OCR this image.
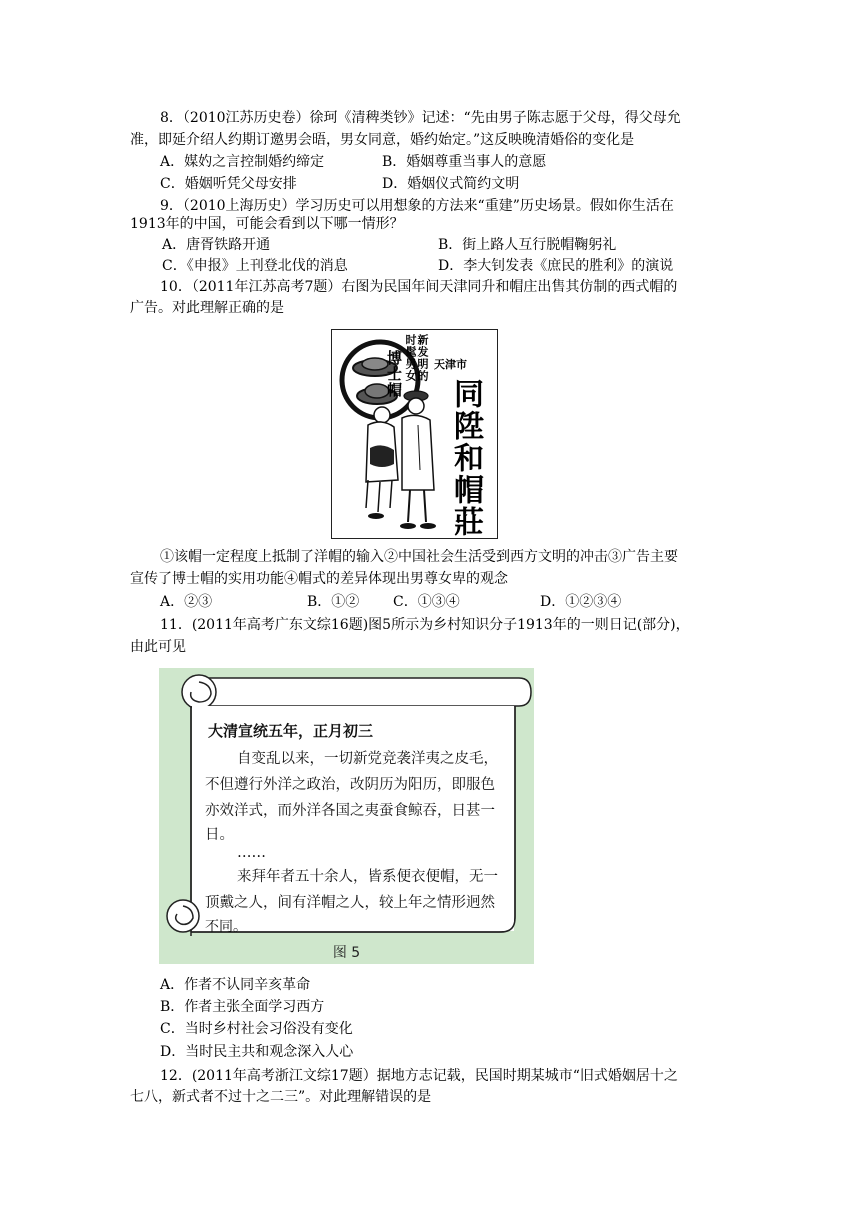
8．（2010江苏历史卷）徐珂《清稗类钞》记述：“先由男子陈志愿于父母，得父母允
准，即延介绍人约期订邀男会晤，男女同意，婚约始定。”这反映晚清婚俗的变化是
A．媒妁之言控制婚约缔定	B．婚姻尊重当事人的意愿
C．婚姻听凭父母安排	D．婚姻仪式简约文明
9．（2010上海历史）学习历史可以用想象的方法来“重建”历史场景。假如你生活在
1913年的中国，可能会看到以下哪一情形？
A．唐胥铁路开通	B．街上路人互行脱帽鞠躬礼
C．《申报》上刊登北伐的消息	D．李大钊发表《庶民的胜利》的演说
10．（2011年江苏高考7题）右图为民国年间天津同升和帽庄出售其仿制的西式帽的
广告。对此理解正确的是
新发明的
时髦男女
博士帽	天津市
同陞和帽莊
①该帽一定程度上抵制了洋帽的输入②中国社会生活受到西方文明的冲击③广告主要
宣传了博士帽的实用功能④帽式的差异体现出男尊女卑的观念
A．②③	B．①② C．①③④	D．①②③④
11．(2011年高考广东文综16题)图5所示为乡村知识分子1913年的一则日记(部分)，
由此可见
大清宣统五年，正月初三
自变乱以来，一切新党竞袭洋夷之皮毛，
不但遵行外洋之政治，改阴历为阳历，即服色
亦效洋式，而外洋各国之夷蚕食鲸吞，日甚一
日。
……
来拜年者五十余人，皆系便衣便帽，无一
顶戴之人，间有洋帽之人，较上年之情形迥然
不同。
图 5
A．作者不认同辛亥革命
B．作者主张全面学习西方
C．当时乡村社会习俗没有变化
D．当时民主共和观念深入人心
12．(2011年高考浙江文综17题）据地方志记载，民国时期某城市“旧式婚姻居十之
七八，新式者不过十之二三”。对此理解错误的是
